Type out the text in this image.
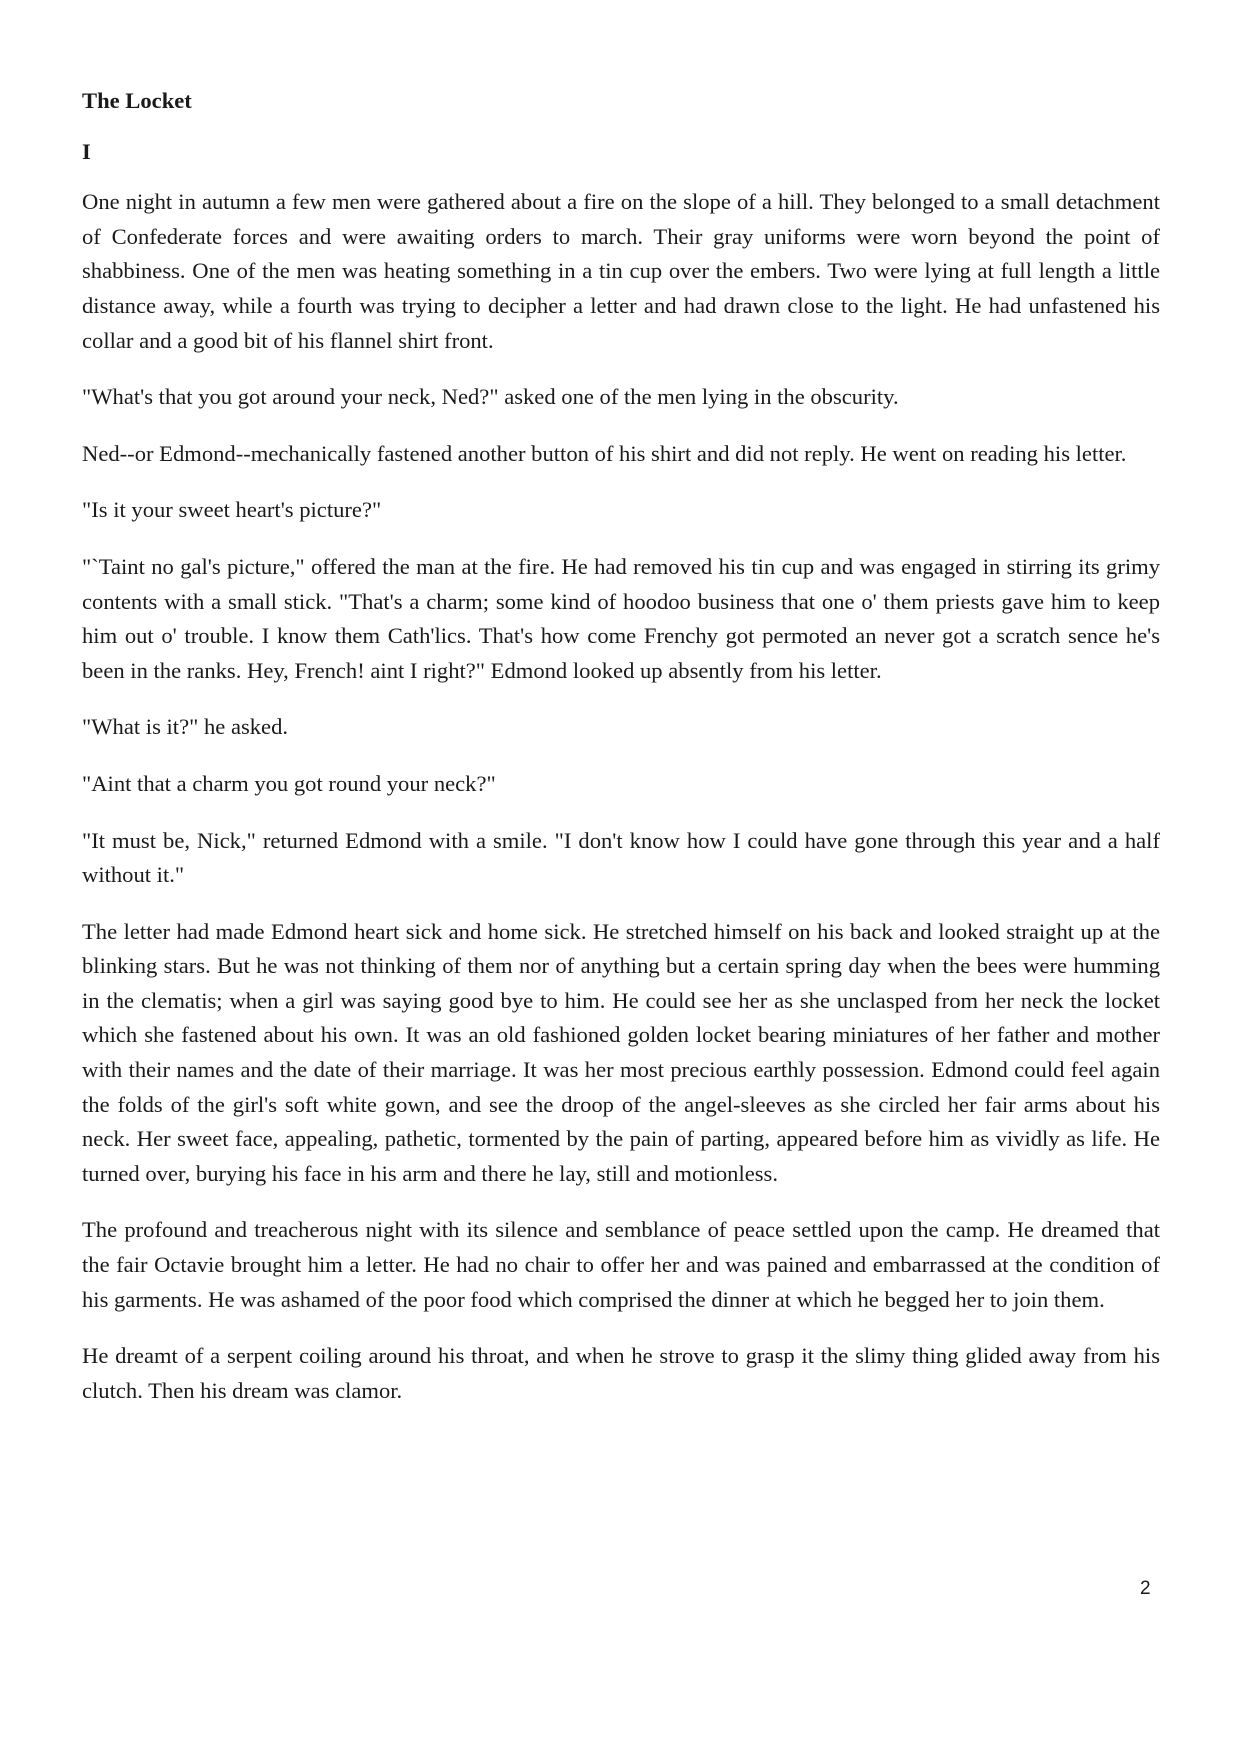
The Locket
I

One night in autumn a few men were gathered about a fire on the slope of a hill. They belonged to a small detachment of Confederate forces and were awaiting orders to march. Their gray uniforms were worn beyond the point of shabbiness. One of the men was heating something in a tin cup over the embers. Two were lying at full length a little distance away, while a fourth was trying to decipher a letter and had drawn close to the light. He had unfastened his collar and a good bit of his flannel shirt front.

"What's that you got around your neck, Ned?" asked one of the men lying in the obscurity.

Ned--or Edmond--mechanically fastened another button of his shirt and did not reply. He went on reading his letter.

"Is it your sweet heart's picture?"

"`Taint no gal's picture," offered the man at the fire. He had removed his tin cup and was engaged in stirring its grimy contents with a small stick. "That's a charm; some kind of hoodoo business that one o' them priests gave him to keep him out o' trouble. I know them Cath'lics. That's how come Frenchy got permoted an never got a scratch sence he's been in the ranks. Hey, French! aint I right?" Edmond looked up absently from his letter.

"What is it?" he asked.

"Aint that a charm you got round your neck?"

"It must be, Nick," returned Edmond with a smile. "I don't know how I could have gone through this year and a half without it."

The letter had made Edmond heart sick and home sick. He stretched himself on his back and looked straight up at the blinking stars. But he was not thinking of them nor of anything but a certain spring day when the bees were humming in the clematis; when a girl was saying good bye to him. He could see her as she unclasped from her neck the locket which she fastened about his own. It was an old fashioned golden locket bearing miniatures of her father and mother with their names and the date of their marriage. It was her most precious earthly possession. Edmond could feel again the folds of the girl's soft white gown, and see the droop of the angel-sleeves as she circled her fair arms about his neck. Her sweet face, appealing, pathetic, tormented by the pain of parting, appeared before him as vividly as life. He turned over, burying his face in his arm and there he lay, still and motionless.

The profound and treacherous night with its silence and semblance of peace settled upon the camp. He dreamed that the fair Octavie brought him a letter. He had no chair to offer her and was pained and embarrassed at the condition of his garments. He was ashamed of the poor food which comprised the dinner at which he begged her to join them.

He dreamt of a serpent coiling around his throat, and when he strove to grasp it the slimy thing glided away from his clutch. Then his dream was clamor.

2
